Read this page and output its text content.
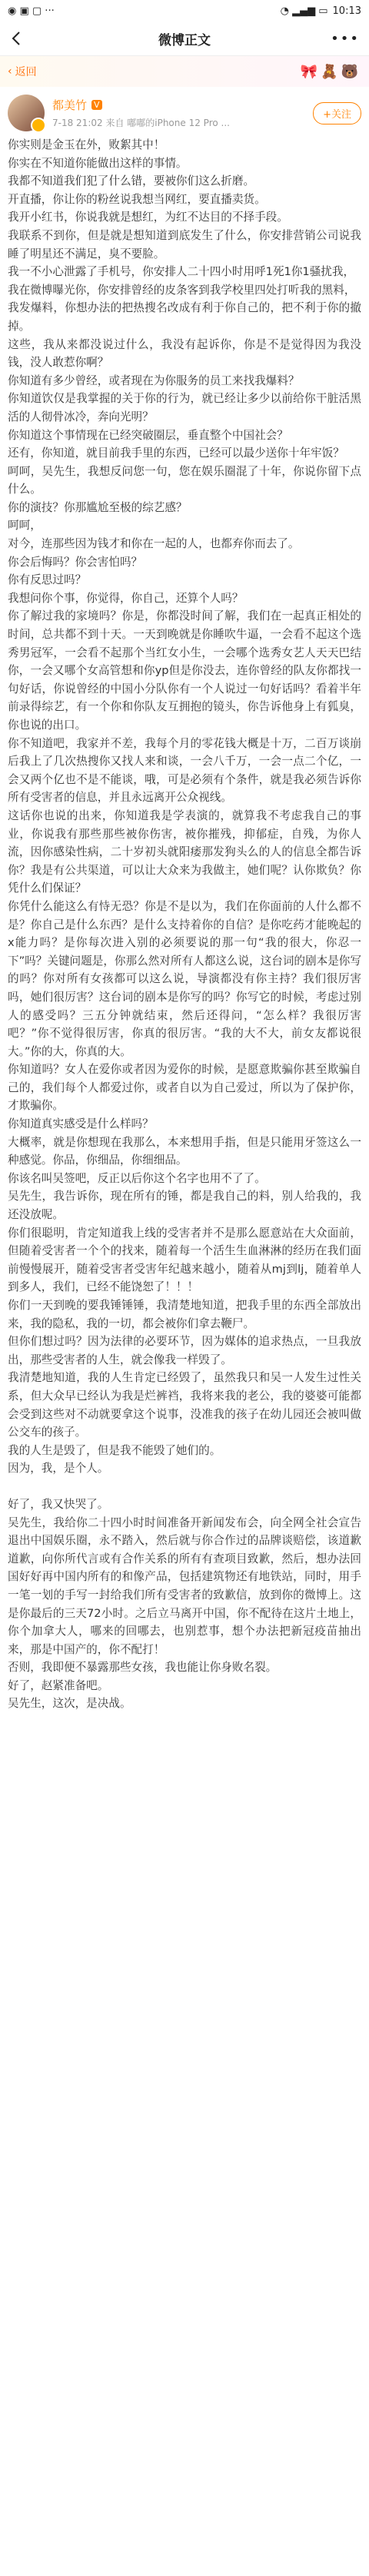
◉ ▣ ▢ ···	◔ ▂▄▆ ▭ 10:13
微博正文	•••
‹ 返回	🎀🧸🐻
都美竹 V
7-18 21:02 来自 嘟嘟的iPhone 12 Pro ...
+关注

你实则是金玉在外，败絮其中！

你实在不知道你能做出这样的事情。

我都不知道我们犯了什么错，要被你们这么折磨。

开直播，你让你的粉丝说我想当网红，要直播卖货。

我开小红书，你说我就是想红，为红不达目的不择手段。

我联系不到你，但是就是想知道到底发生了什么，你安排营销公司说我睡了明星还不满足，臭不要脸。

我一不小心泄露了手机号，你安排人二十四小时用呼1死1你1骚扰我，

我在微博曝光你，你安排曾经的皮条客到我学校里四处打听我的黑料，

我发爆料，你想办法的把热搜名改成有利于你自己的，把不利于你的撤掉。

这些，我从来都没说过什么，我没有起诉你，你是不是觉得因为我没钱，没人敢惹你啊？

你知道有多少曾经，或者现在为你服务的员工来找我爆料？

你知道饮仅是我掌握的关于你的行为，就已经让多少以前给你干脏活黑活的人彻骨冰冷，奔向光明？

你知道这个事情现在已经突破圈层，垂直整个中国社会？

还有，你知道，就目前我手里的东西，已经可以最少送你十年牢饭？

呵呵，吴先生，我想反问您一句，您在娱乐圈混了十年，你说你留下点什么。

你的演技？你那尴尬至极的综艺感？

呵呵，

对今，连那些因为钱才和你在一起的人，也都弃你而去了。

你会后悔吗？你会害怕吗？

你有反思过吗？

我想问你个事，你觉得，你自己，还算个人吗？

你了解过我的家境吗？你是，你都没时间了解，我们在一起真正相处的时间，总共都不到十天。一天到晚就是你睡吹牛逼，一会看不起这个选秀男冠军，一会看不起那个当红女小生，一会哪个选秀女艺人天天巴结你，一会又哪个女高管想和你yp但是你没去，连你曾经的队友你都找一句好话，你说曾经的中国小分队你有一个人说过一句好话吗？看着半年前录得综艺，有一个你和你队友互拥抱的镜头，你告诉他身上有狐臭，你也说的出口。

你不知道吧，我家并不差，我每个月的零花钱大概是十万，二百万谈崩后我上了几次热搜你又找人来和谈，一会八千万，一会一点二个亿，一会又两个亿也不是不能谈，哦，可是必须有个条件，就是我必须告诉你所有受害者的信息，并且永远离开公众视线。

这话你也说的出来，你知道我是学表演的，就算我不考虑我自己的事业，你说我有那些那些被你伤害，被你摧残，抑郁症，自残，为你人流，因你感染性病，二十岁初头就阳痿那发狗头么的人的信息全都告诉你？我是有公共渠道，可以让大众来为我做主，她们呢？认你欺负？你凭什么们保证？

你凭什么能这么有恃无恐？你是不是以为，我们在你面前的人什么都不是？你自己是什么东西？是什么支持着你的自信？是你吃药才能晚起的x能力吗？是你每次进入别的必须要说的那一句“我的很大，你忍一下”吗？关键问题是，你那么然对所有人都这么说，这台词的剧本是你写的吗？你对所有女孩都可以这么说，导演都没有你主持？我们很厉害吗，她们很厉害？这台词的剧本是你写的吗？你写它的时候，考虑过别人的感受吗？三五分钟就结束，然后还得问，“怎么样？我很厉害吧？”你不觉得很厉害，你真的很厉害。“我的大不大，前女友都说很大。”你的大，你真的大。

你知道吗？女人在爱你或者因为爱你的时候，是愿意欺骗你甚至欺骗自己的，我们每个人都爱过你，或者自以为自己爱过，所以为了保护你，才欺骗你。

你知道真实感受是什么样吗？

大概率，就是你想现在我那么，本来想用手指，但是只能用牙签这么一种感觉。你品，你细品，你细细品。

你该名叫吴签吧，反正以后你这个名字也用不了了。

吴先生，我告诉你，现在所有的锤，都是我自己的料，别人给我的，我还没放呢。

你们很聪明，肯定知道我上线的受害者并不是那么愿意站在大众面前，但随着受害者一个个的找来，随着每一个活生生血淋淋的经历在我们面前慢慢展开，随着受害者受害年纪越来越小，随着从mj到lj，随着单人到多人，我们，已经不能饶恕了！！！

你们一天到晚的要我锤锤锤，我清楚地知道，把我手里的东西全部放出来，我的隐私，我的一切，都会被你们拿去鞭尸。

但你们想过吗？因为法律的必要环节，因为媒体的追求热点，一旦我放出，那些受害者的人生，就会像我一样毁了。

我清楚地知道，我的人生肯定已经毁了，虽然我只和吴一人发生过性关系，但大众早已经认为我是烂裤裆，我将来我的老公，我的婆婆可能都会受到这些对不动就要拿这个说事，没准我的孩子在幼儿园还会被叫做公交车的孩子。

我的人生是毁了，但是我不能毁了她们的。

因为，我，是个人。

好了，我又快哭了。

吴先生，我给你二十四小时时间准备开新闻发布会，向全网全社会宣告退出中国娱乐圈，永不踏入，然后就与你合作过的品牌谈赔偿，该道歉道歉，向你所代言或有合作关系的所有有查项目致歉，然后，想办法回国好好再中国内所有的和像产品，包括建筑物还有地铁站，同时，用手一笔一划的手写一封给我们所有受害者的致歉信，放到你的微博上。这是你最后的三天72小时。之后立马离开中国，你不配待在这片土地上，你个加拿大人，哪来的回哪去，也别惹事，想个办法把新冠疫苗抽出来，那是中国产的，你不配打！

否则，我即便不暴露那些女孩，我也能让你身败名裂。

好了，赵紧准备吧。

吴先生，这次，是决战。
